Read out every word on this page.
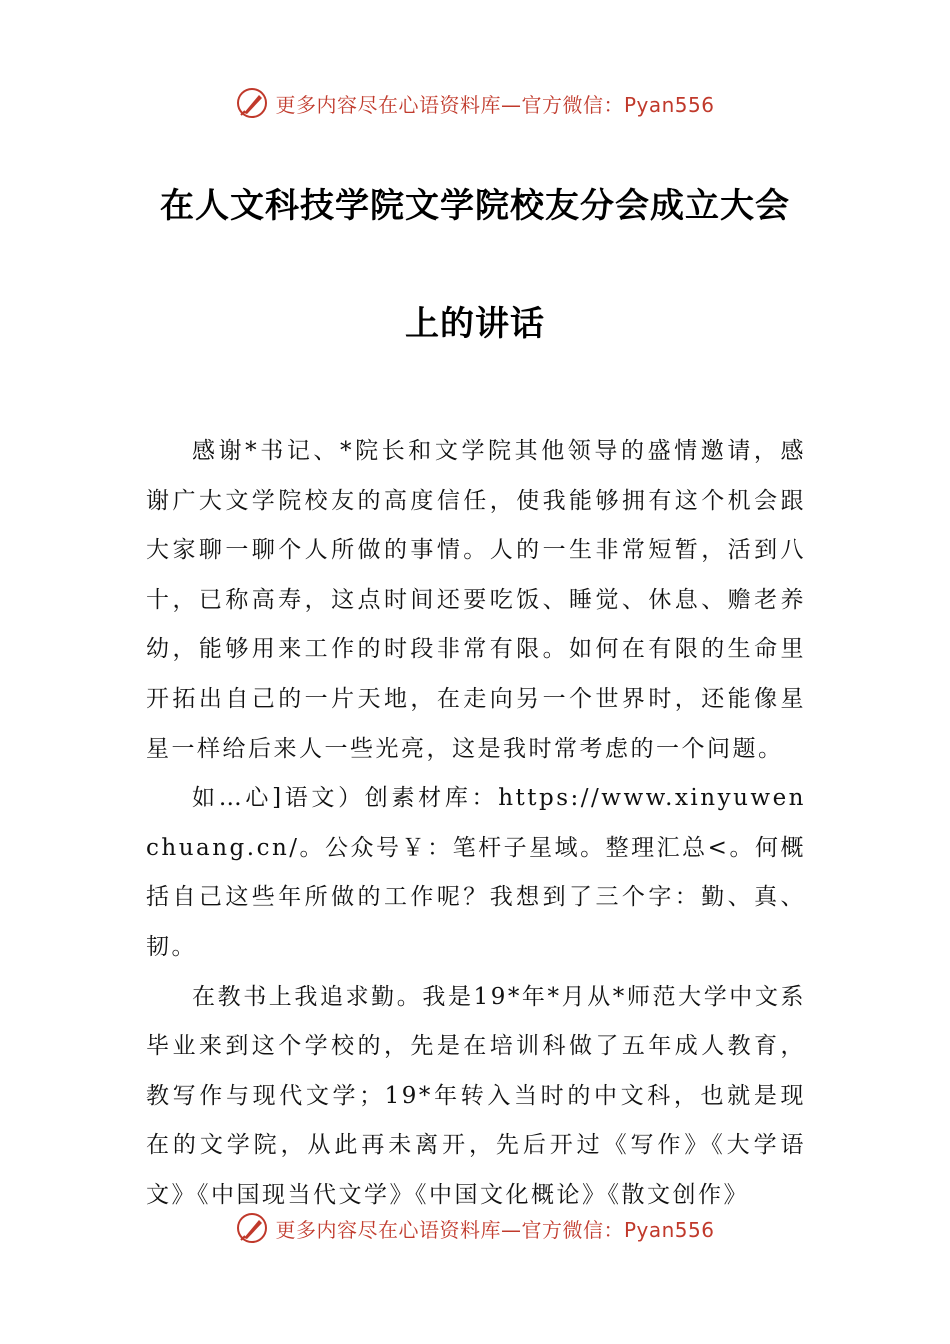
更多内容尽在心语资料库—官方微信：Pyan556
在人文科技学院文学院校友分会成立大会
上的讲话

感谢*书记、*院长和文学院其他领导的盛情邀请，感谢广大文学院校友的高度信任，使我能够拥有这个机会跟大家聊一聊个人所做的事情。人的一生非常短暂，活到八十，已称高寿，这点时间还要吃饭、睡觉、休息、赡老养幼，能够用来工作的时段非常有限。如何在有限的生命里开拓出自己的一片天地，在走向另一个世界时，还能像星星一样给后来人一些光亮，这是我时常考虑的一个问题。

如…心]语文）创素材库：https://www.xinyuwenchuang.cn/。公众号￥：笔杆子星域。整理汇总<。何概括自己这些年所做的工作呢？我想到了三个字：勤、真、韧。

在教书上我追求勤。我是19*年*月从*师范大学中文系毕业来到这个学校的，先是在培训科做了五年成人教育，教写作与现代文学；19*年转入当时的中文科，也就是现在的文学院，从此再未离开，先后开过《写作》《大学语文》《中国现当代文学》《中国文化概论》《散文创作》

更多内容尽在心语资料库—官方微信：Pyan556
